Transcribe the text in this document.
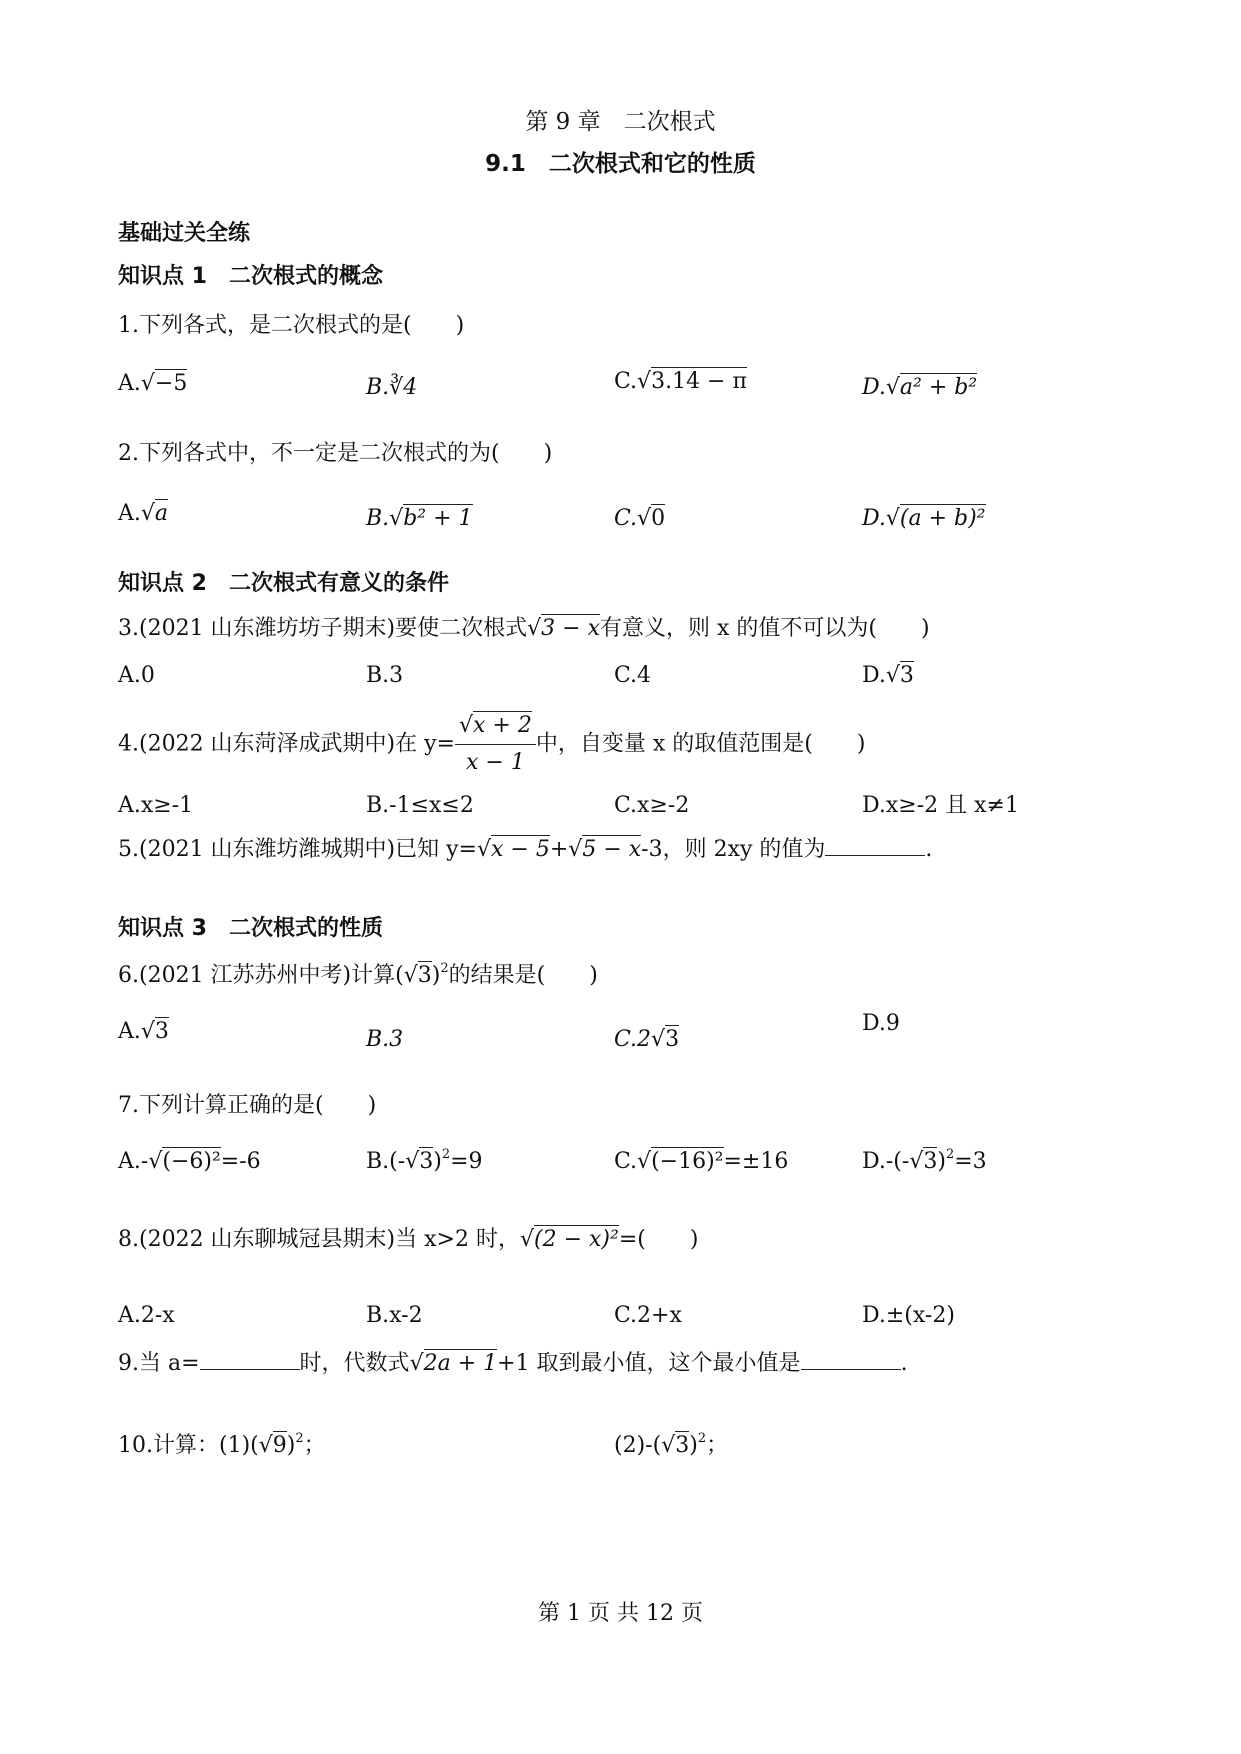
第 9 章　二次根式
9.1　二次根式和它的性质
基础过关全练
知识点 1　二次根式的概念
1.下列各式，是二次根式的是(　　)
A.√−5	B.∛4	C.√3.14 − π	D.√a² + b²
2.下列各式中，不一定是二次根式的为(　　)
A.√a	B.√b² + 1	C.√0	D.√(a + b)²
知识点 2　二次根式有意义的条件
3.(2021 山东潍坊坊子期末)要使二次根式√3 − x有意义，则 x 的值不可以为(　　)
A.0	B.3	C.4	D.√3
4.(2022 山东菏泽成武期中)在 $y= \frac{√x + 2}{x - 1}$ 中，自变量 x 的取值范围是(　　)
A.x≥-1	B.-1≤x≤2	C.x≥-2	D.x≥-2 且 x≠1
5.(2021 山东潍坊潍城期中)已知 y=√x − 5+√5 − x-3，则 2xy 的值为	.
知识点 3　二次根式的性质
6.(2021 江苏苏州中考)计算$(√3)^2$的结果是(　　)
A.√3	B.3	C.2√3
D.9
7.下列计算正确的是(　　)
A.-√(−6)²=-6	$B.(-√3)^2=9$	C.√(−16)²=±16	$D.-(-√3)^2=3$
8.(2022 山东聊城冠县期末)当 x>2 时，√(2 − x)²=(　　)
A.2-x	B.x-2	C.2+x	D.±(x-2)
9.当 a=	时，代数式√2a + 1+1 取到最小值，这个最小值是	.
10.计算：$(1)(√9)^2$；	$(2)-(√3)^2$；
第 1 页 共 12 页
